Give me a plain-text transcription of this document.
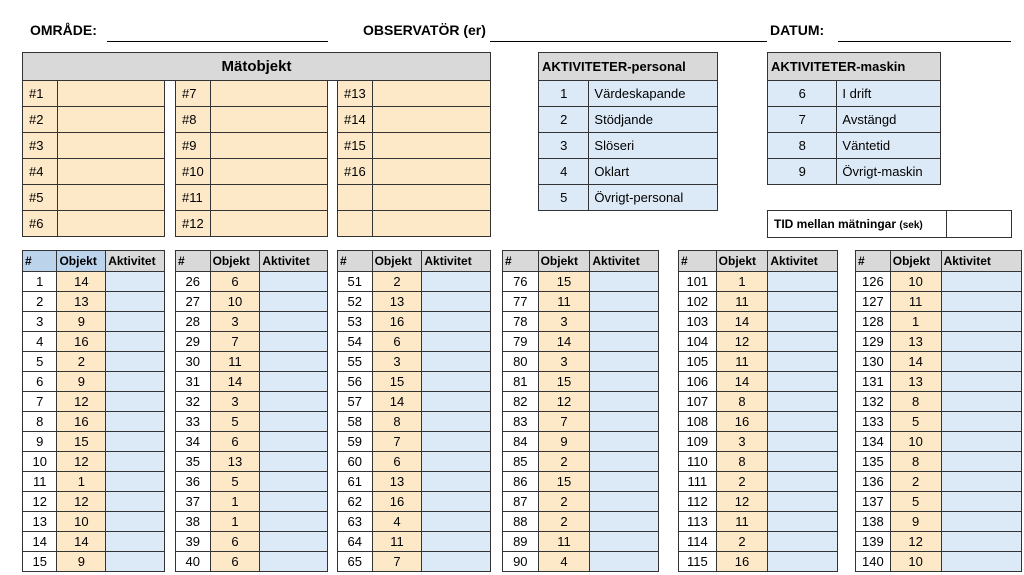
OMRÅDE:	OBSERVATÖR (er)	DATUM:
Mätobjekt
#1	
#2	
#3	
#4	
#5	
#6	
#7	
#8	
#9	
#10	
#11	
#12	
#13	
#14	
#15	
#16	

AKTIVITETER-personal	
1	Värdeskapande
2	Stödjande
3	Slöseri
4	Oklart
5	Övrigt-personal
AKTIVITETER-maskin	
6	I drift
7	Avstängd
8	Väntetid
9	Övrigt-maskin
TID mellan mätningar (sek)	
#	Objekt	Aktivitet
1	14	
2	13	
3	9	
4	16	
5	2	
6	9	
7	12	
8	16	
9	15	
10	12	
11	1	
12	12	
13	10	
14	14	
15	9	
#	Objekt	Aktivitet
26	6	
27	10	
28	3	
29	7	
30	11	
31	14	
32	3	
33	5	
34	6	
35	13	
36	5	
37	1	
38	1	
39	6	
40	6	
#	Objekt	Aktivitet
51	2	
52	13	
53	16	
54	6	
55	3	
56	15	
57	14	
58	8	
59	7	
60	6	
61	13	
62	16	
63	4	
64	11	
65	7	
#	Objekt	Aktivitet
76	15	
77	11	
78	3	
79	14	
80	3	
81	15	
82	12	
83	7	
84	9	
85	2	
86	15	
87	2	
88	2	
89	11	
90	4	
#	Objekt	Aktivitet
101	1	
102	11	
103	14	
104	12	
105	11	
106	14	
107	8	
108	16	
109	3	
110	8	
111	2	
112	12	
113	11	
114	2	
115	16	
#	Objekt	Aktivitet
126	10	
127	11	
128	1	
129	13	
130	14	
131	13	
132	8	
133	5	
134	10	
135	8	
136	2	
137	5	
138	9	
139	12	
140	10	
